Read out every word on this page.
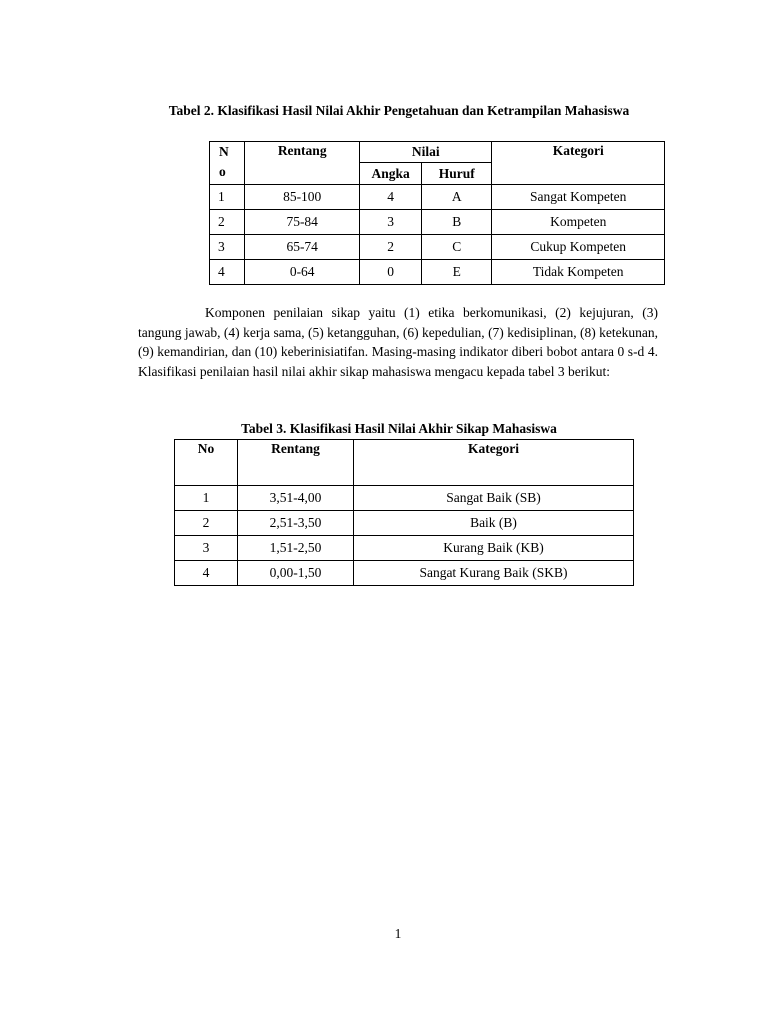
Tabel 2. Klasifikasi Hasil Nilai Akhir Pengetahuan dan Ketrampilan Mahasiswa
N
o	Rentang	Nilai		Kategori
		Angka	Huruf	
1	85-100	4	A	Sangat Kompeten
2	75-84	3	B	Kompeten
3	65-74	2	C	Cukup Kompeten
4	0-64	0	E	Tidak Kompeten

Komponen penilaian sikap yaitu (1) etika berkomunikasi, (2) kejujuran, (3) tangung jawab, (4) kerja sama, (5) ketangguhan, (6) kepedulian, (7) kedisiplinan, (8) ketekunan, (9) kemandirian, dan (10) keberinisiatifan. Masing-masing indikator diberi bobot antara 0 s-d 4. Klasifikasi penilaian hasil nilai akhir sikap mahasiswa mengacu kepada tabel 3 berikut:

Tabel 3. Klasifikasi Hasil Nilai Akhir Sikap Mahasiswa
No	Rentang	Kategori
1	3,51-4,00	Sangat Baik (SB)
2	2,51-3,50	Baik (B)
3	1,51-2,50	Kurang Baik (KB)
4	0,00-1,50	Sangat Kurang Baik (SKB)
1
